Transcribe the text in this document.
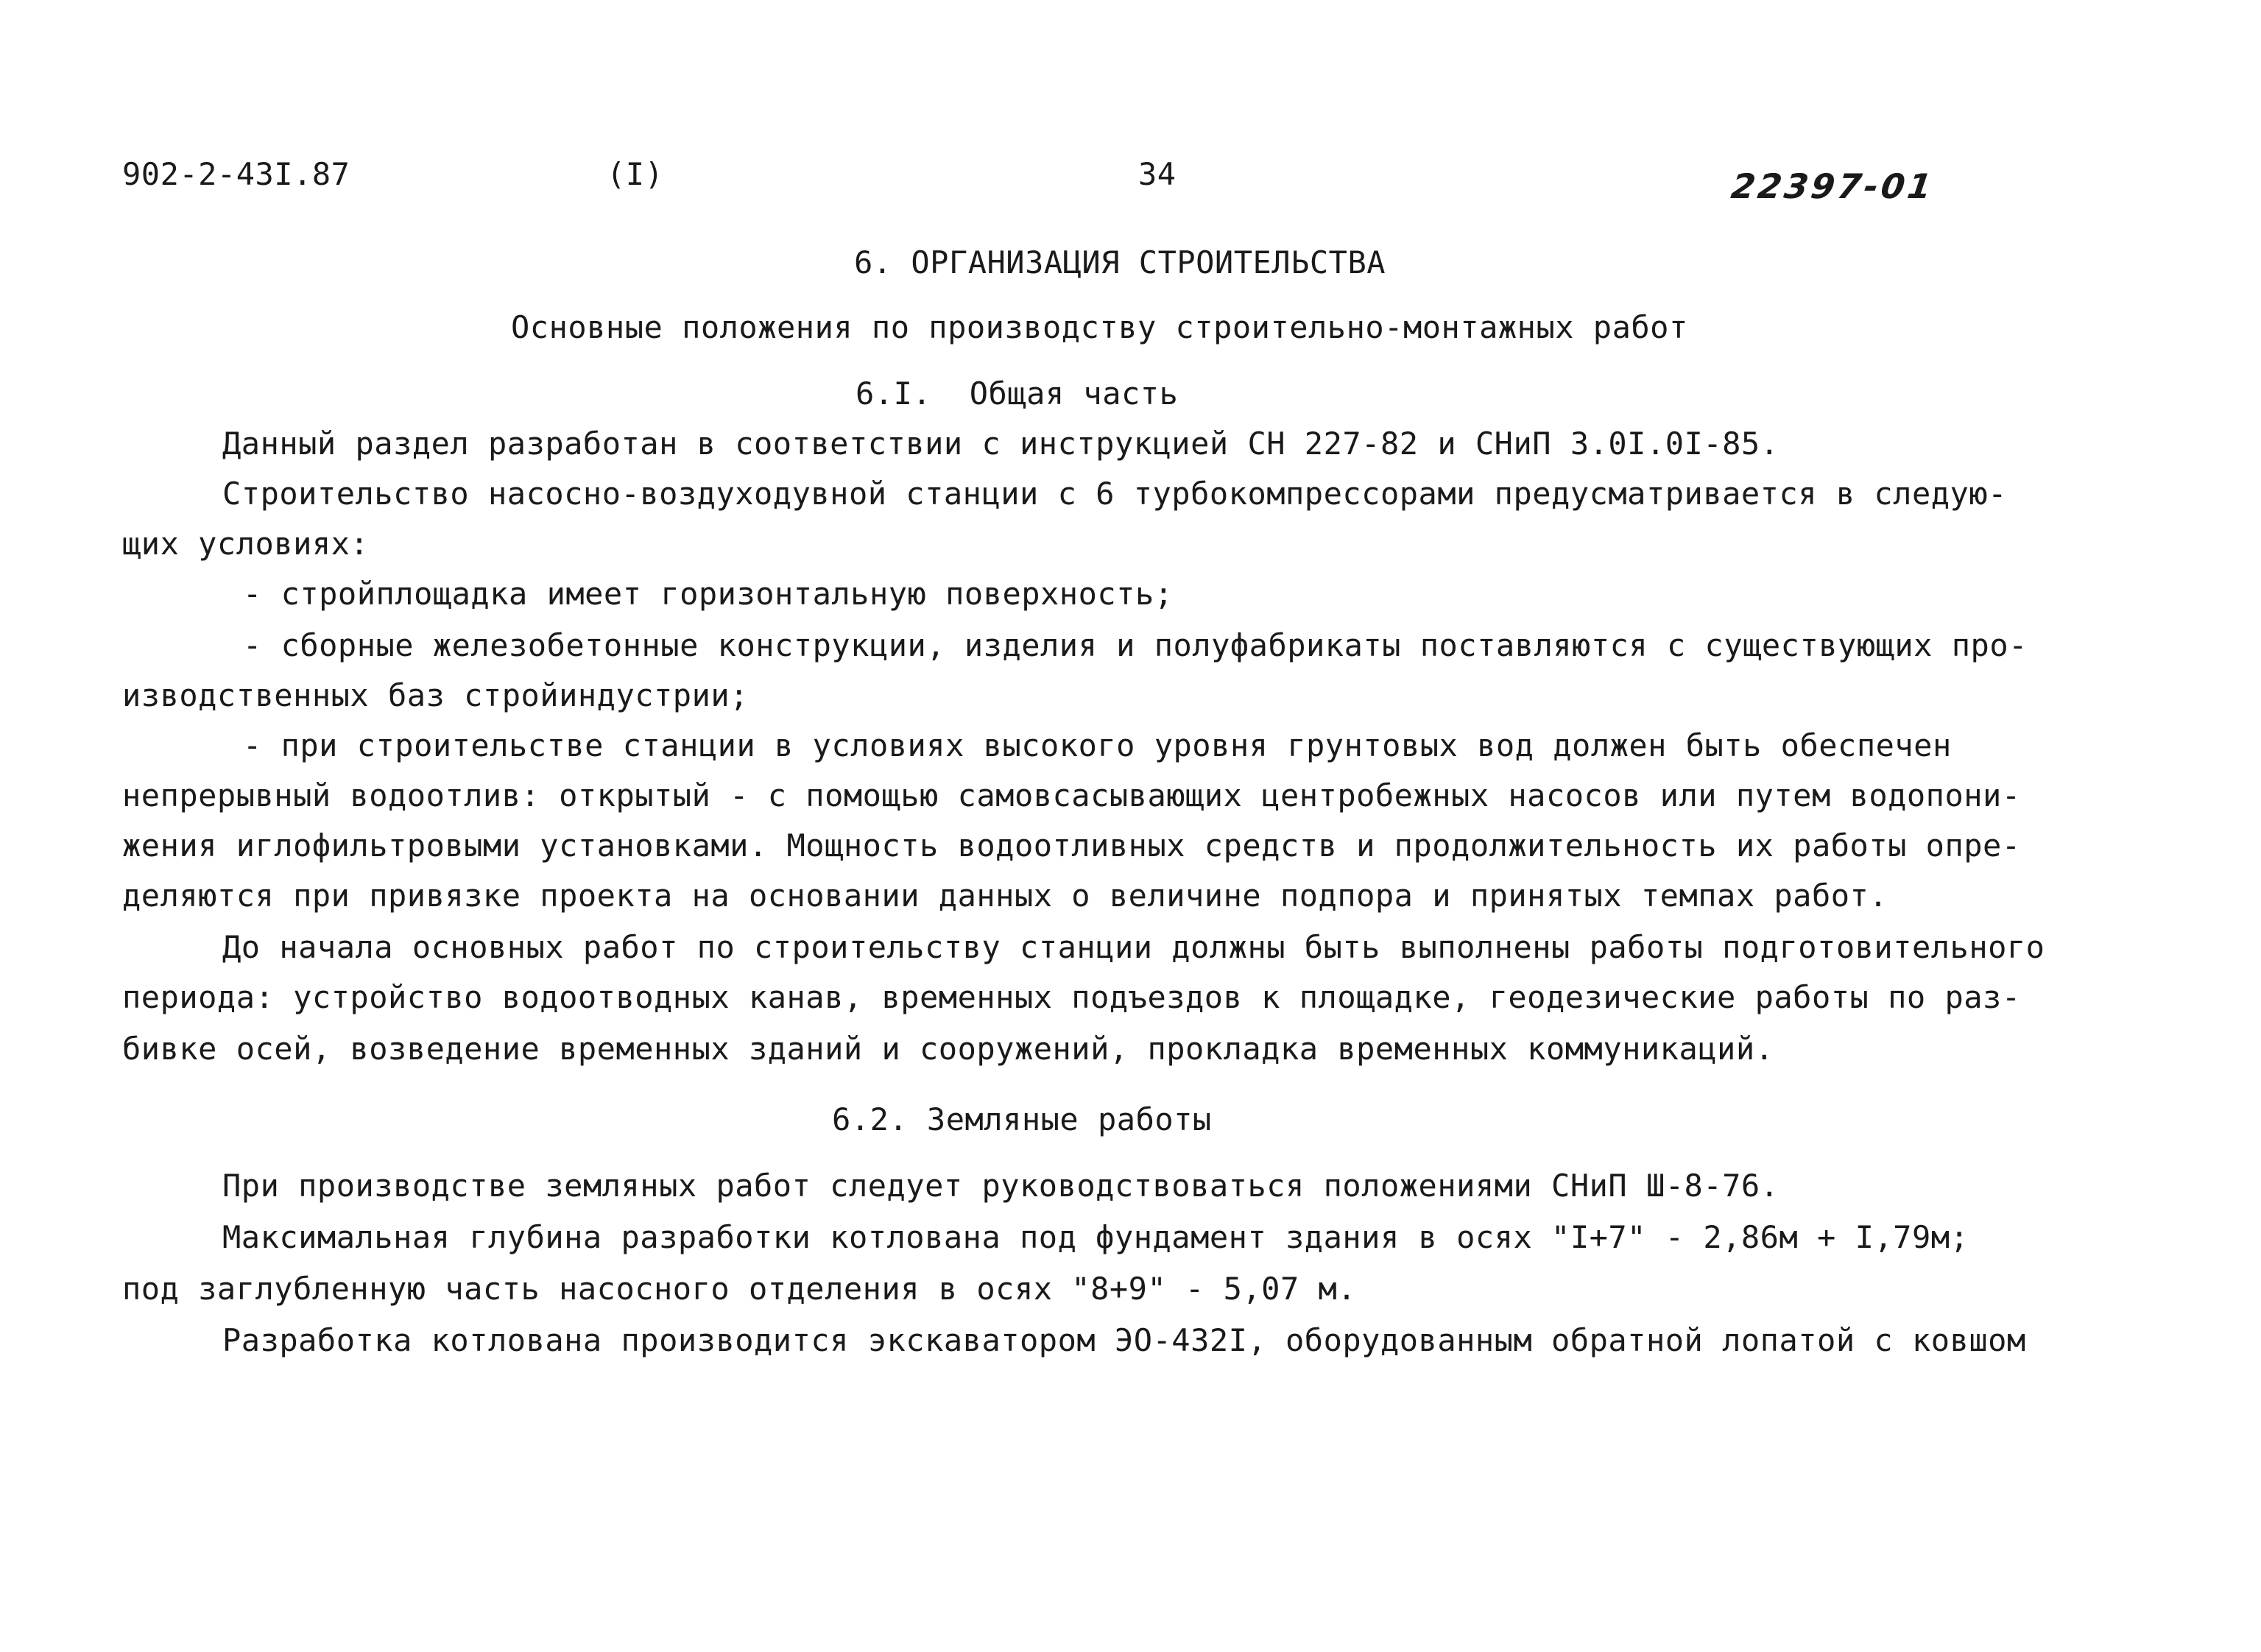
902-2-43I.87	(I)	34	22397-01
6. ОРГАНИЗАЦИЯ СТРОИТЕЛЬСТВА
Основные положения по производству строительно-монтажных работ
6.I.  Общая часть
Данный раздел разработан в соответствии с инструкцией СН 227-82 и СНиП 3.0I.0I-85.
Строительство насосно-воздуходувной станции с 6 турбокомпрессорами предусматривается в следую-
щих условиях:
- стройплощадка имеет горизонтальную поверхность;
- сборные железобетонные конструкции, изделия и полуфабрикаты поставляются с существующих про-
изводственных баз стройиндустрии;
- при строительстве станции в условиях высокого уровня грунтовых вод должен быть обеспечен
непрерывный водоотлив: открытый - с помощью самовсасывающих центробежных насосов или путем водопони-
жения иглофильтровыми установками. Мощность водоотливных средств и продолжительность их работы опре-
деляются при привязке проекта на основании данных о величине подпора и принятых темпах работ.
До начала основных работ по строительству станции должны быть выполнены работы подготовительного
периода: устройство водоотводных канав, временных подъездов к площадке, геодезические работы по раз-
бивке осей, возведение временных зданий и сооружений, прокладка временных коммуникаций.
6.2. Земляные работы
При производстве земляных работ следует руководствоваться положениями СНиП Ш-8-76.
Максимальная глубина разработки котлована под фундамент здания в осях "I+7" - 2,86м + I,79м;
под заглубленную часть насосного отделения в осях "8+9" - 5,07 м.
Разработка котлована производится экскаватором ЭО-432I, оборудованным обратной лопатой с ковшом
